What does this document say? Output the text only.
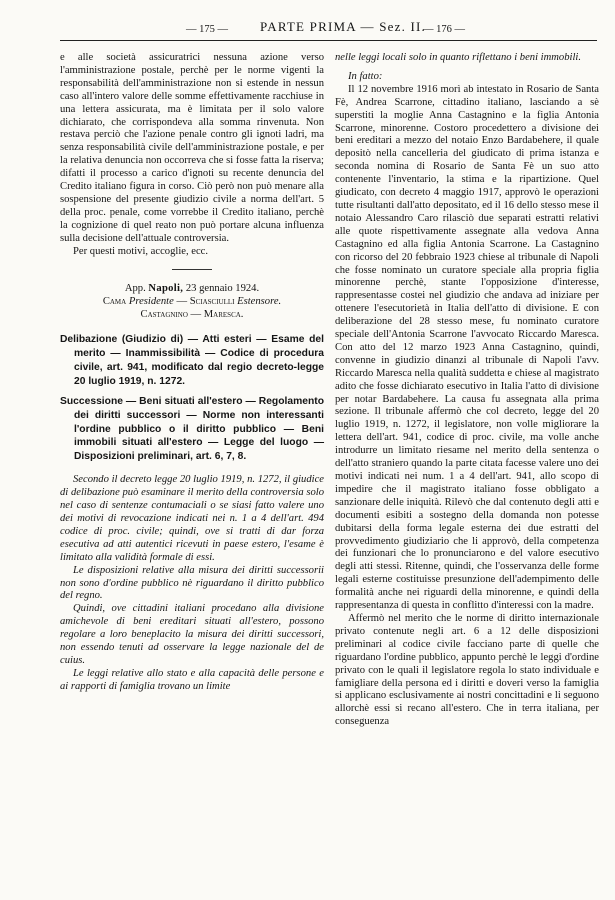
— 175 — PARTE PRIMA — Sez. II.
— 176 —

e alle società assicuratrici nessuna azione verso l'amministrazione postale, perchè per le norme vigenti la responsabilità dell'amministrazione non si estende in nessun caso all'intero valore delle somme effettivamente racchiuse in una lettera assicurata, ma è limitata per il solo valore dichiarato, che corrispondeva alla somma rinvenuta. Non restava perciò che l'azione penale contro gli ignoti ladri, ma senza responsabilità civile dell'amministrazione postale, e per la relativa denuncia non occorreva che si fosse fatta la riserva; difatti il processo a carico d'ignoti su recente denuncia del Credito italiano figura in corso. Ciò però non può menare alla sospensione del presente giudizio civile a norma dell'art. 5 della proc. penale, come vorrebbe il Credito italiano, perchè la cognizione di quel reato non può portare alcuna influenza sulla decisione dell'attuale controversia.

Per questi motivi, accoglie, ecc.

App. Napoli, 23 gennaio 1924.
Cama Presidente — Sciasciulli Estensore.
Castagnino — Maresca.

Delibazione (Giudizio di) — Atti esteri — Esame del merito — Inammissibilità — Codice di procedura civile, art. 941, modificato dal regio decreto-legge 20 luglio 1919, n. 1272.

Successione — Beni situati all'estero — Regolamento dei diritti successori — Norme non interessanti l'ordine pubblico o il diritto pubblico — Beni immobili situati all'estero — Legge del luogo — Disposizioni preliminari, art. 6, 7, 8.

Secondo il decreto legge 20 luglio 1919, n. 1272, il giudice di delibazione può esaminare il merito della controversia solo nel caso di sentenze contumaciali o se siasi fatto valere uno dei motivi di revocazione indicati nei n. 1 a 4 dell'art. 494 codice di proc. civile; quindi, ove si tratti di dar forza esecutiva ad atti autentici ricevuti in paese estero, l'esame è limitato alla validità formale di essi.

Le disposizioni relative alla misura dei diritti successorii non sono d'ordine pubblico nè riguardano il diritto pubblico del regno.

Quindi, ove cittadini italiani procedano alla divisione amichevole di beni ereditari situati all'estero, possono regolare a loro beneplacito la misura dei diritti successori, non essendo tenuti ad osservare la legge nazionale del de cuius.

Le leggi relative allo stato e alla capacità delle persone e ai rapporti di famiglia trovano un limite

nelle leggi locali solo in quanto riflettano i beni immobili.

In fatto:

Il 12 novembre 1916 morì ab intestato in Rosario de Santa Fè, Andrea Scarrone, cittadino italiano, lasciando a sè superstiti la moglie Anna Castagnino e la figlia Antonia Scarrone, minorenne. Costoro procedettero a divisione dei beni ereditari a mezzo del notaio Enzo Bardabehere, il quale depositò nella cancelleria del giudicato di prima istanza e seconda nomina di Rosario de Santa Fè un suo atto contenente l'inventario, la stima e la ripartizione. Quel giudicato, con decreto 4 maggio 1917, approvò le operazioni tutte risultanti dall'atto depositato, ed il 16 dello stesso mese il notaio Alessandro Caro rilasciò due separati estratti relativi alle quote rispettivamente assegnate alla vedova Anna Castagnino ed alla figlia Antonia Scarrone. La Castagnino con ricorso del 20 febbraio 1923 chiese al tribunale di Napoli che fosse nominato un curatore speciale alla propria figlia minorenne perchè, stante l'opposizione d'interesse, rappresentasse costei nel giudizio che andava ad iniziare per ottenere l'esecutorietà in Italia dell'atto di divisione. E con deliberazione del 28 stesso mese, fu nominato curatore speciale dell'Antonia Scarrone l'avvocato Riccardo Maresca. Con atto del 12 marzo 1923 Anna Castagnino, quindi, convenne in giudizio dinanzi al tribunale di Napoli l'avv. Riccardo Maresca nella qualità suddetta e chiese al magistrato adito che fosse dichiarato esecutivo in Italia l'atto di divisione per notar Bardabehere. La causa fu assegnata alla prima sezione. Il tribunale affermò che col decreto, legge del 20 luglio 1919, n. 1272, il legislatore, non volle migliorare la lettera dell'art. 941, codice di proc. civile, ma volle anche introdurre un limitato riesame nel merito della sentenza o dell'atto straniero quando la parte citata facesse valere uno dei motivi indicati nei num. 1 a 4 dell'art. 941, allo scopo di impedire che il magistrato italiano fosse obbligato a sanzionare delle iniquità. Rilevò che dal contenuto degli atti e documenti esibiti a sostegno della domanda non potesse dubitarsi della forma legale esterna dei due estratti del provvedimento giudiziario che li approvò, della competenza dei funzionari che lo pronunciarono e del valore esecutivo degli atti stessi. Ritenne, quindi, che l'osservanza delle forme legali esterne costituisse presunzione dell'adempimento delle formalità anche nei riguardi della minorenne, e quindi della rappresentanza di questa in conflitto d'interessi con la madre.

Affermò nel merito che le norme di diritto internazionale privato contenute negli art. 6 a 12 delle disposizioni preliminari al codice civile facciano parte di quelle che riguardano l'ordine pubblico, appunto perchè le leggi d'ordine privato con le quali il legislatore regola lo stato individuale e famigliare della persona ed i diritti e doveri verso la famiglia si applicano esclusivamente ai nostri concittadini e li seguono allorchè essi si recano all'estero. Che in terra italiana, per conseguenza
